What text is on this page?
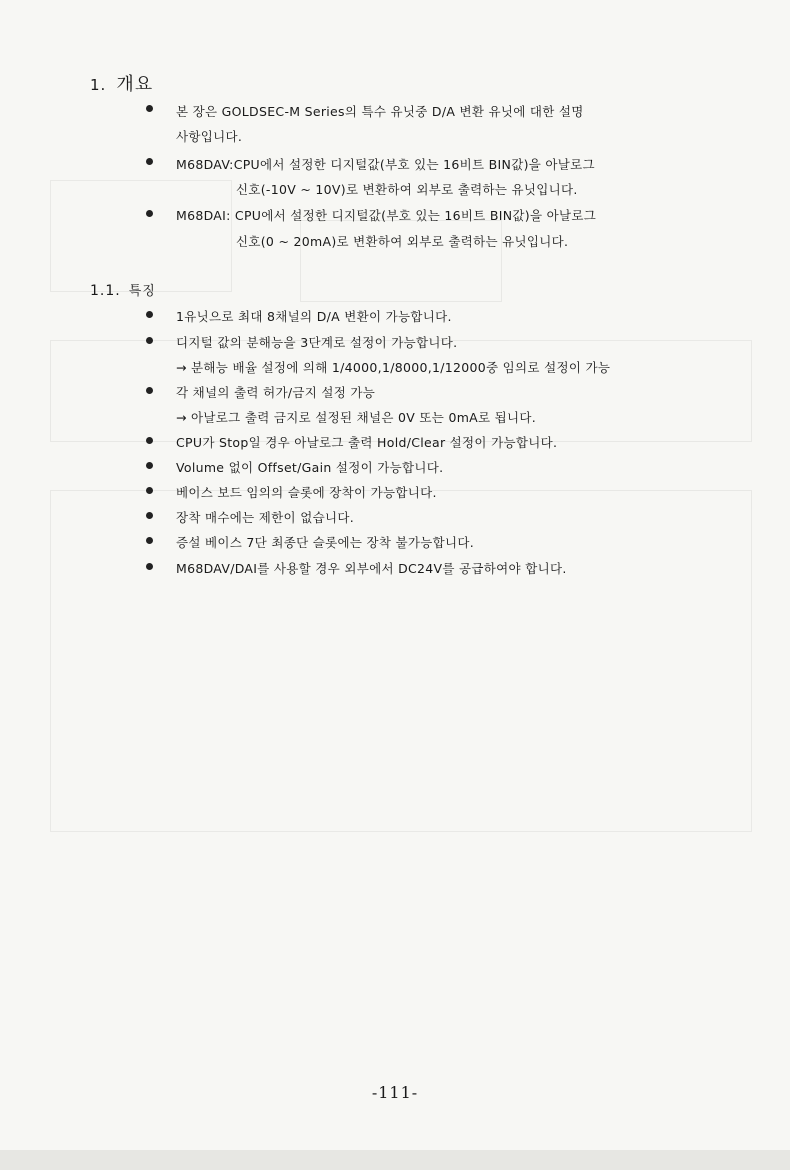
1. 개요
본 장은 GOLDSEC-M Series의 특수 유닛중 D/A 변환 유닛에 대한 설명
사항입니다.
M68DAV:CPU에서 설정한 디지털값(부호 있는 16비트 BIN값)을 아날로그
신호(-10V ~ 10V)로 변환하여 외부로 출력하는 유닛입니다.
M68DAI: CPU에서 설정한 디지털값(부호 있는 16비트 BIN값)을 아날로그
신호(0 ~ 20mA)로 변환하여 외부로 출력하는 유닛입니다.
1.1. 특징
1유닛으로 최대 8채널의 D/A 변환이 가능합니다.
디지털 값의 분해능을 3단계로 설정이 가능합니다.
→ 분해능 배율 설정에 의해 1/4000,1/8000,1/12000중 임의로 설정이 가능
각 채널의 출력 허가/금지 설정 가능
→ 아날로그 출력 금지로 설정된 채널은 0V 또는 0mA로 됩니다.
CPU가 Stop일 경우 아날로그 출력 Hold/Clear 설정이 가능합니다.
Volume 없이 Offset/Gain 설정이 가능합니다.
베이스 보드 임의의 슬롯에 장착이 가능합니다.
장착 매수에는 제한이 없습니다.
증설 베이스 7단 최종단 슬롯에는 장착 불가능합니다.
M68DAV/DAI를 사용할 경우 외부에서 DC24V를 공급하여야 합니다.
-111-
